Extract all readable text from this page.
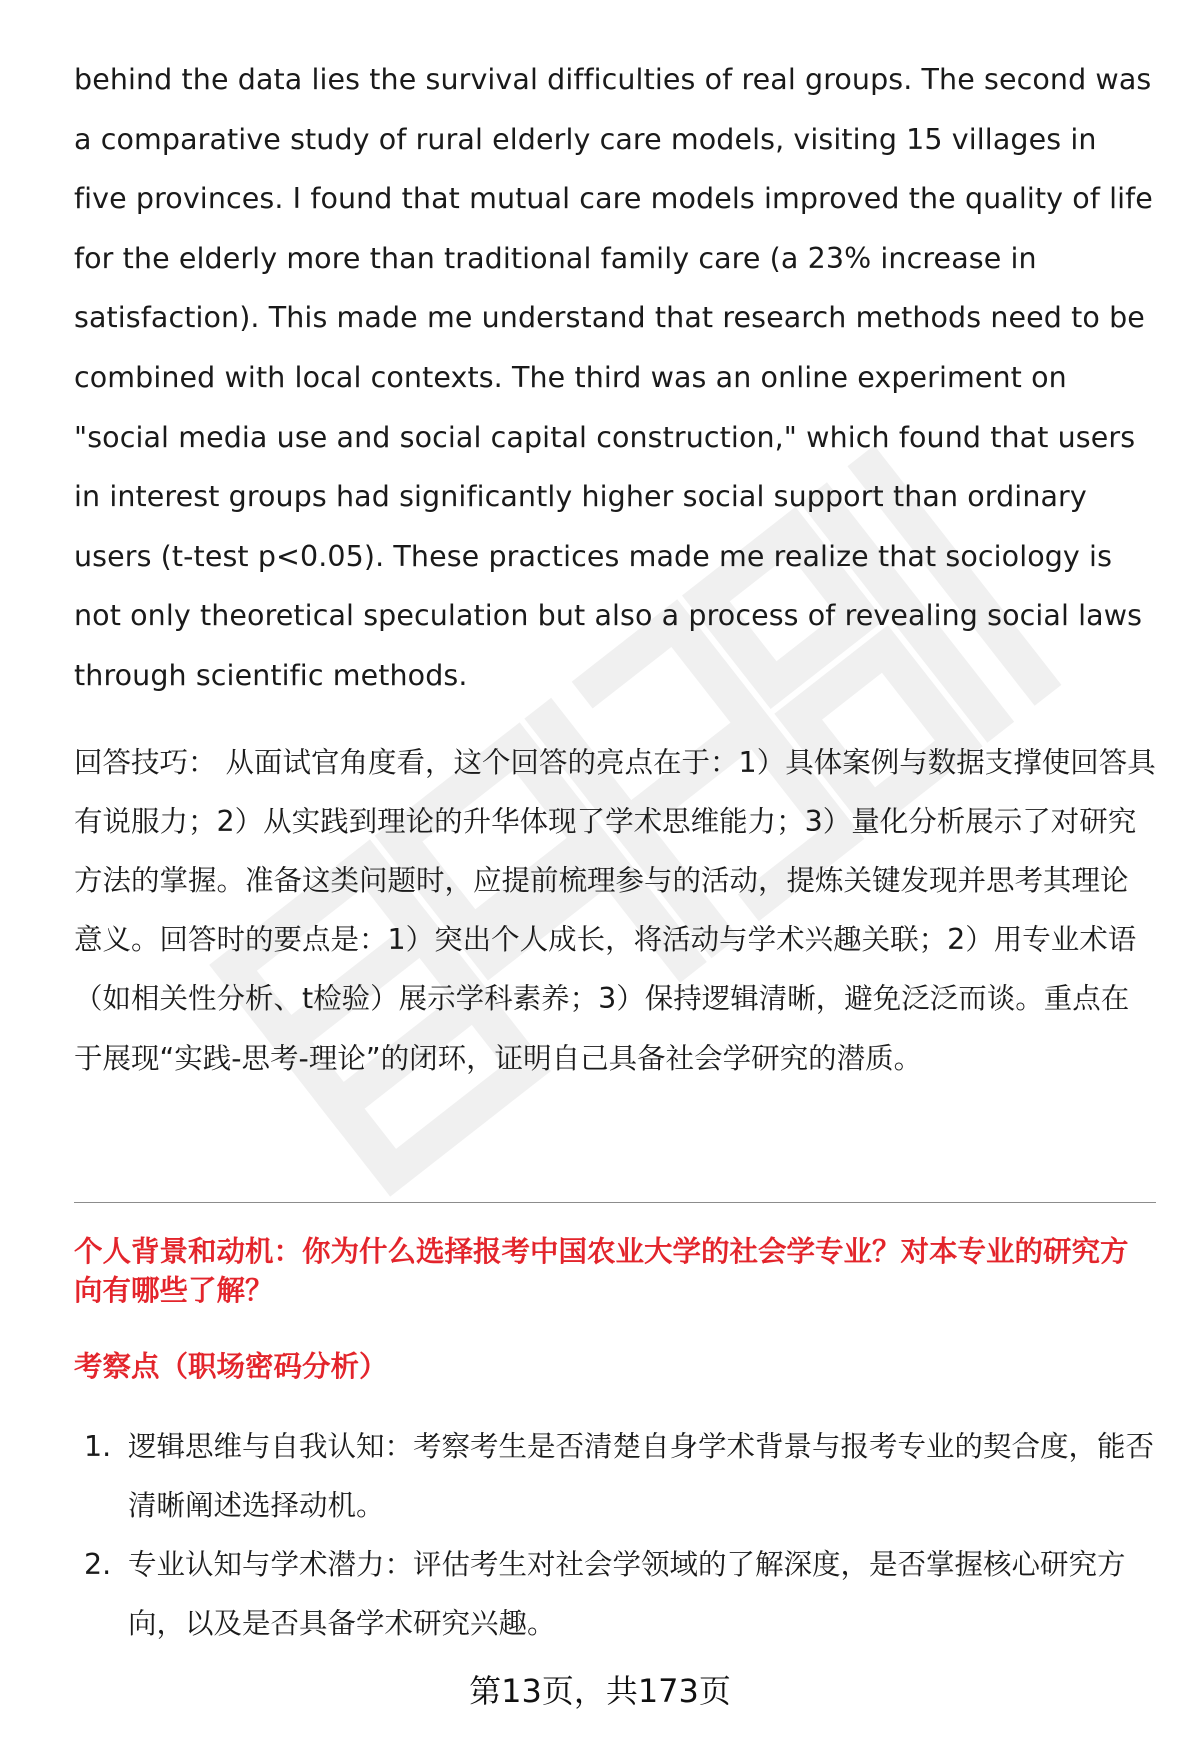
behind the data lies the survival difficulties of real groups. The second was a comparative study of rural elderly care models, visiting 15 villages in five provinces. I found that mutual care models improved the quality of life for the elderly more than traditional family care (a 23% increase in satisfaction). This made me understand that research methods need to be combined with local contexts. The third was an online experiment on "social media use and social capital construction," which found that users in interest groups had significantly higher social support than ordinary users (t-test p<0.05). These practices made me realize that sociology is not only theoretical speculation but also a process of revealing social laws through scientific methods.

回答技巧： 从面试官角度看，这个回答的亮点在于：1）具体案例与数据支撑使回答具有说服力；2）从实践到理论的升华体现了学术思维能力；3）量化分析展示了对研究方法的掌握。准备这类问题时，应提前梳理参与的活动，提炼关键发现并思考其理论意义。回答时的要点是：1）突出个人成长，将活动与学术兴趣关联；2）用专业术语（如相关性分析、t检验）展示学科素养；3）保持逻辑清晰，避免泛泛而谈。重点在于展现“实践-思考-理论”的闭环，证明自己具备社会学研究的潜质。

个人背景和动机：你为什么选择报考中国农业大学的社会学专业？对本专业的研究方向有哪些了解？

考察点（职场密码分析）

1. 逻辑思维与自我认知：考察考生是否清楚自身学术背景与报考专业的契合度，能否清晰阐述选择动机。
2. 专业认知与学术潜力：评估考生对社会学领域的了解深度，是否掌握核心研究方向，以及是否具备学术研究兴趣。
第13页，共173页
